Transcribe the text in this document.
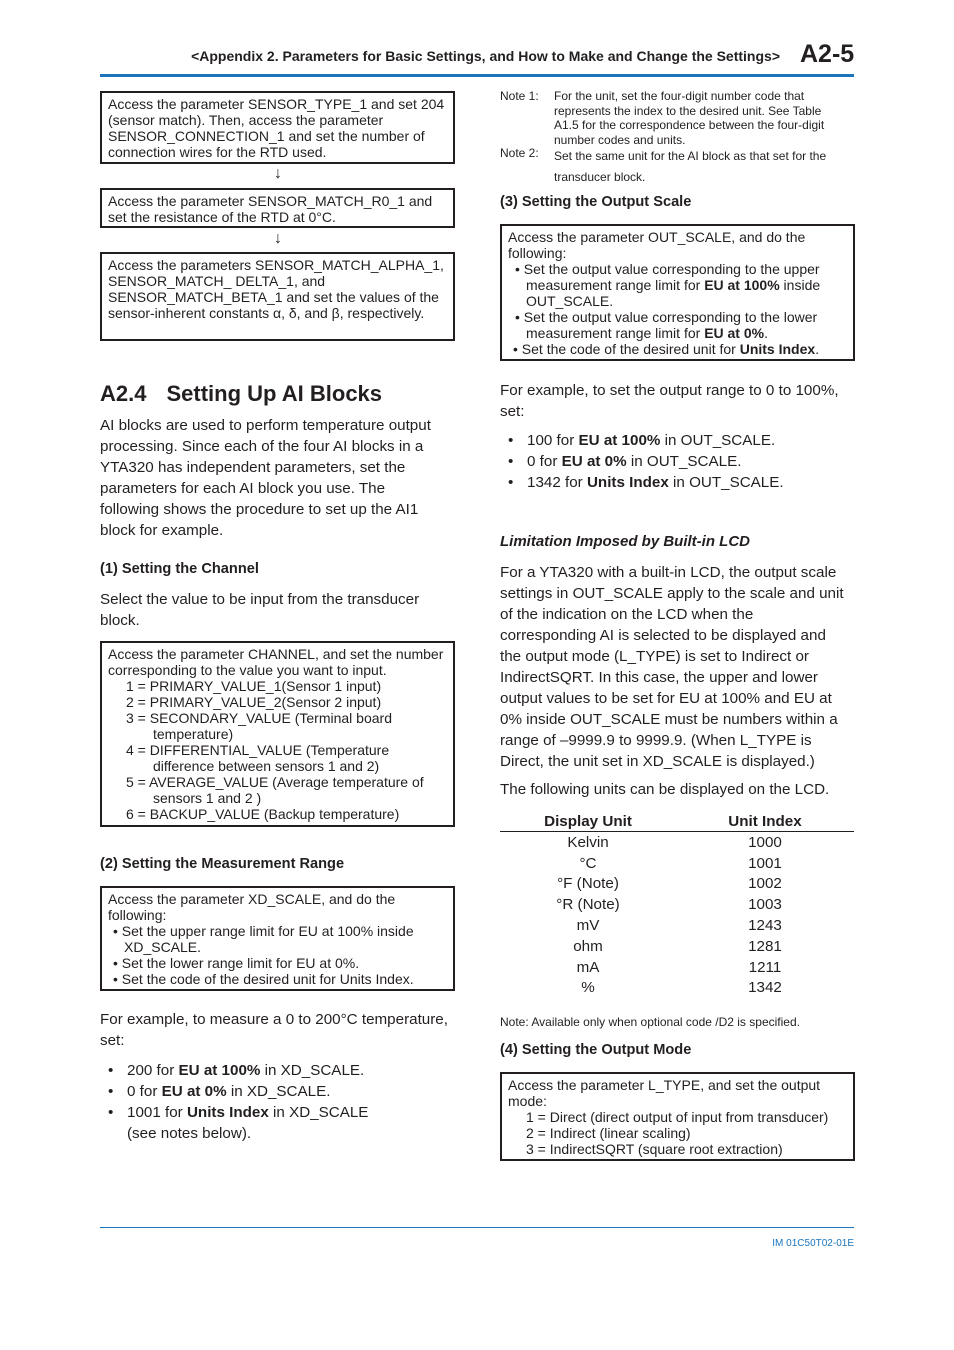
<Appendix 2. Parameters for Basic Settings, and How to Make and Change the Settings> A2-5

Access the parameter SENSOR_TYPE_1 and set 204 (sensor match). Then, access the parameter SENSOR_CONNECTION_1 and set the number of connection wires for the RTD used.

↓

Access the parameter SENSOR_MATCH_R0_1 and set the resistance of the RTD at 0°C.

↓

Access the parameters SENSOR_MATCH_ALPHA_1, SENSOR_MATCH_ DELTA_1, and SENSOR_MATCH_BETA_1 and set the values of the sensor-inherent constants α, δ, and β, respectively.

A2.4 Setting Up AI Blocks
AI blocks are used to perform temperature output processing. Since each of the four AI blocks in a YTA320 has independent parameters, set the parameters for each AI block you use. The following shows the procedure to set up the AI1 block for example.
(1) Setting the Channel
Select the value to be input from the transducer block.

Access the parameter CHANNEL, and set the number corresponding to the value you want to input.

1 = PRIMARY_VALUE_1(Sensor 1 input)

2 = PRIMARY_VALUE_2(Sensor 2 input)

3 = SECONDARY_VALUE (Terminal board

temperature)

4 = DIFFERENTIAL_VALUE (Temperature

difference between sensors 1 and 2)

5 = AVERAGE_VALUE (Average temperature of

sensors 1 and 2 )

6 = BACKUP_VALUE (Backup temperature)

(2) Setting the Measurement Range

Access the parameter XD_SCALE, and do the following:

• Set the upper range limit for EU at 100% inside XD_SCALE.

• Set the lower range limit for EU at 0%.

• Set the code of the desired unit for Units Index.

For example, to measure a 0 to 200°C temperature, set:
• 200 for EU at 100% in XD_SCALE.
• 0 for EU at 0% in XD_SCALE.
• 1001 for Units Index in XD_SCALE
(see notes below).
Note 1: For the unit, set the four-digit number code that represents the index to the desired unit. See Table A1.5 for the correspondence between the four-digit number codes and units.
Note 2: Set the same unit for the AI block as that set for the transducer block.
(3) Setting the Output Scale

Access the parameter OUT_SCALE, and do the following:

• Set the output value corresponding to the upper measurement range limit for EU at 100% inside OUT_SCALE.

• Set the output value corresponding to the lower measurement range limit for EU at 0%.

• Set the code of the desired unit for Units Index.

For example, to set the output range to 0 to 100%, set:
• 100 for EU at 100% in OUT_SCALE.
• 0 for EU at 0% in OUT_SCALE.
• 1342 for Units Index in OUT_SCALE.
Limitation Imposed by Built-in LCD
For a YTA320 with a built-in LCD, the output scale settings in OUT_SCALE apply to the scale and unit of the indication on the LCD when the corresponding AI is selected to be displayed and the output mode (L_TYPE) is set to Indirect or IndirectSQRT. In this case, the upper and lower output values to be set for EU at 100% and EU at 0% inside OUT_SCALE must be numbers within a range of –9999.9 to 9999.9. (When L_TYPE is Direct, the unit set in XD_SCALE is displayed.)
The following units can be displayed on the LCD.
Display Unit	Unit Index
Kelvin	1000
°C	1001
°F (Note)	1002
°R (Note)	1003
mV	1243
ohm	1281
mA	1211
%	1342
Note: Available only when optional code /D2 is specified.
(4) Setting the Output Mode

Access the parameter L_TYPE, and set the output mode:

1 = Direct (direct output of input from transducer)

2 = Indirect (linear scaling)

3 = IndirectSQRT (square root extraction)

IM 01C50T02-01E
